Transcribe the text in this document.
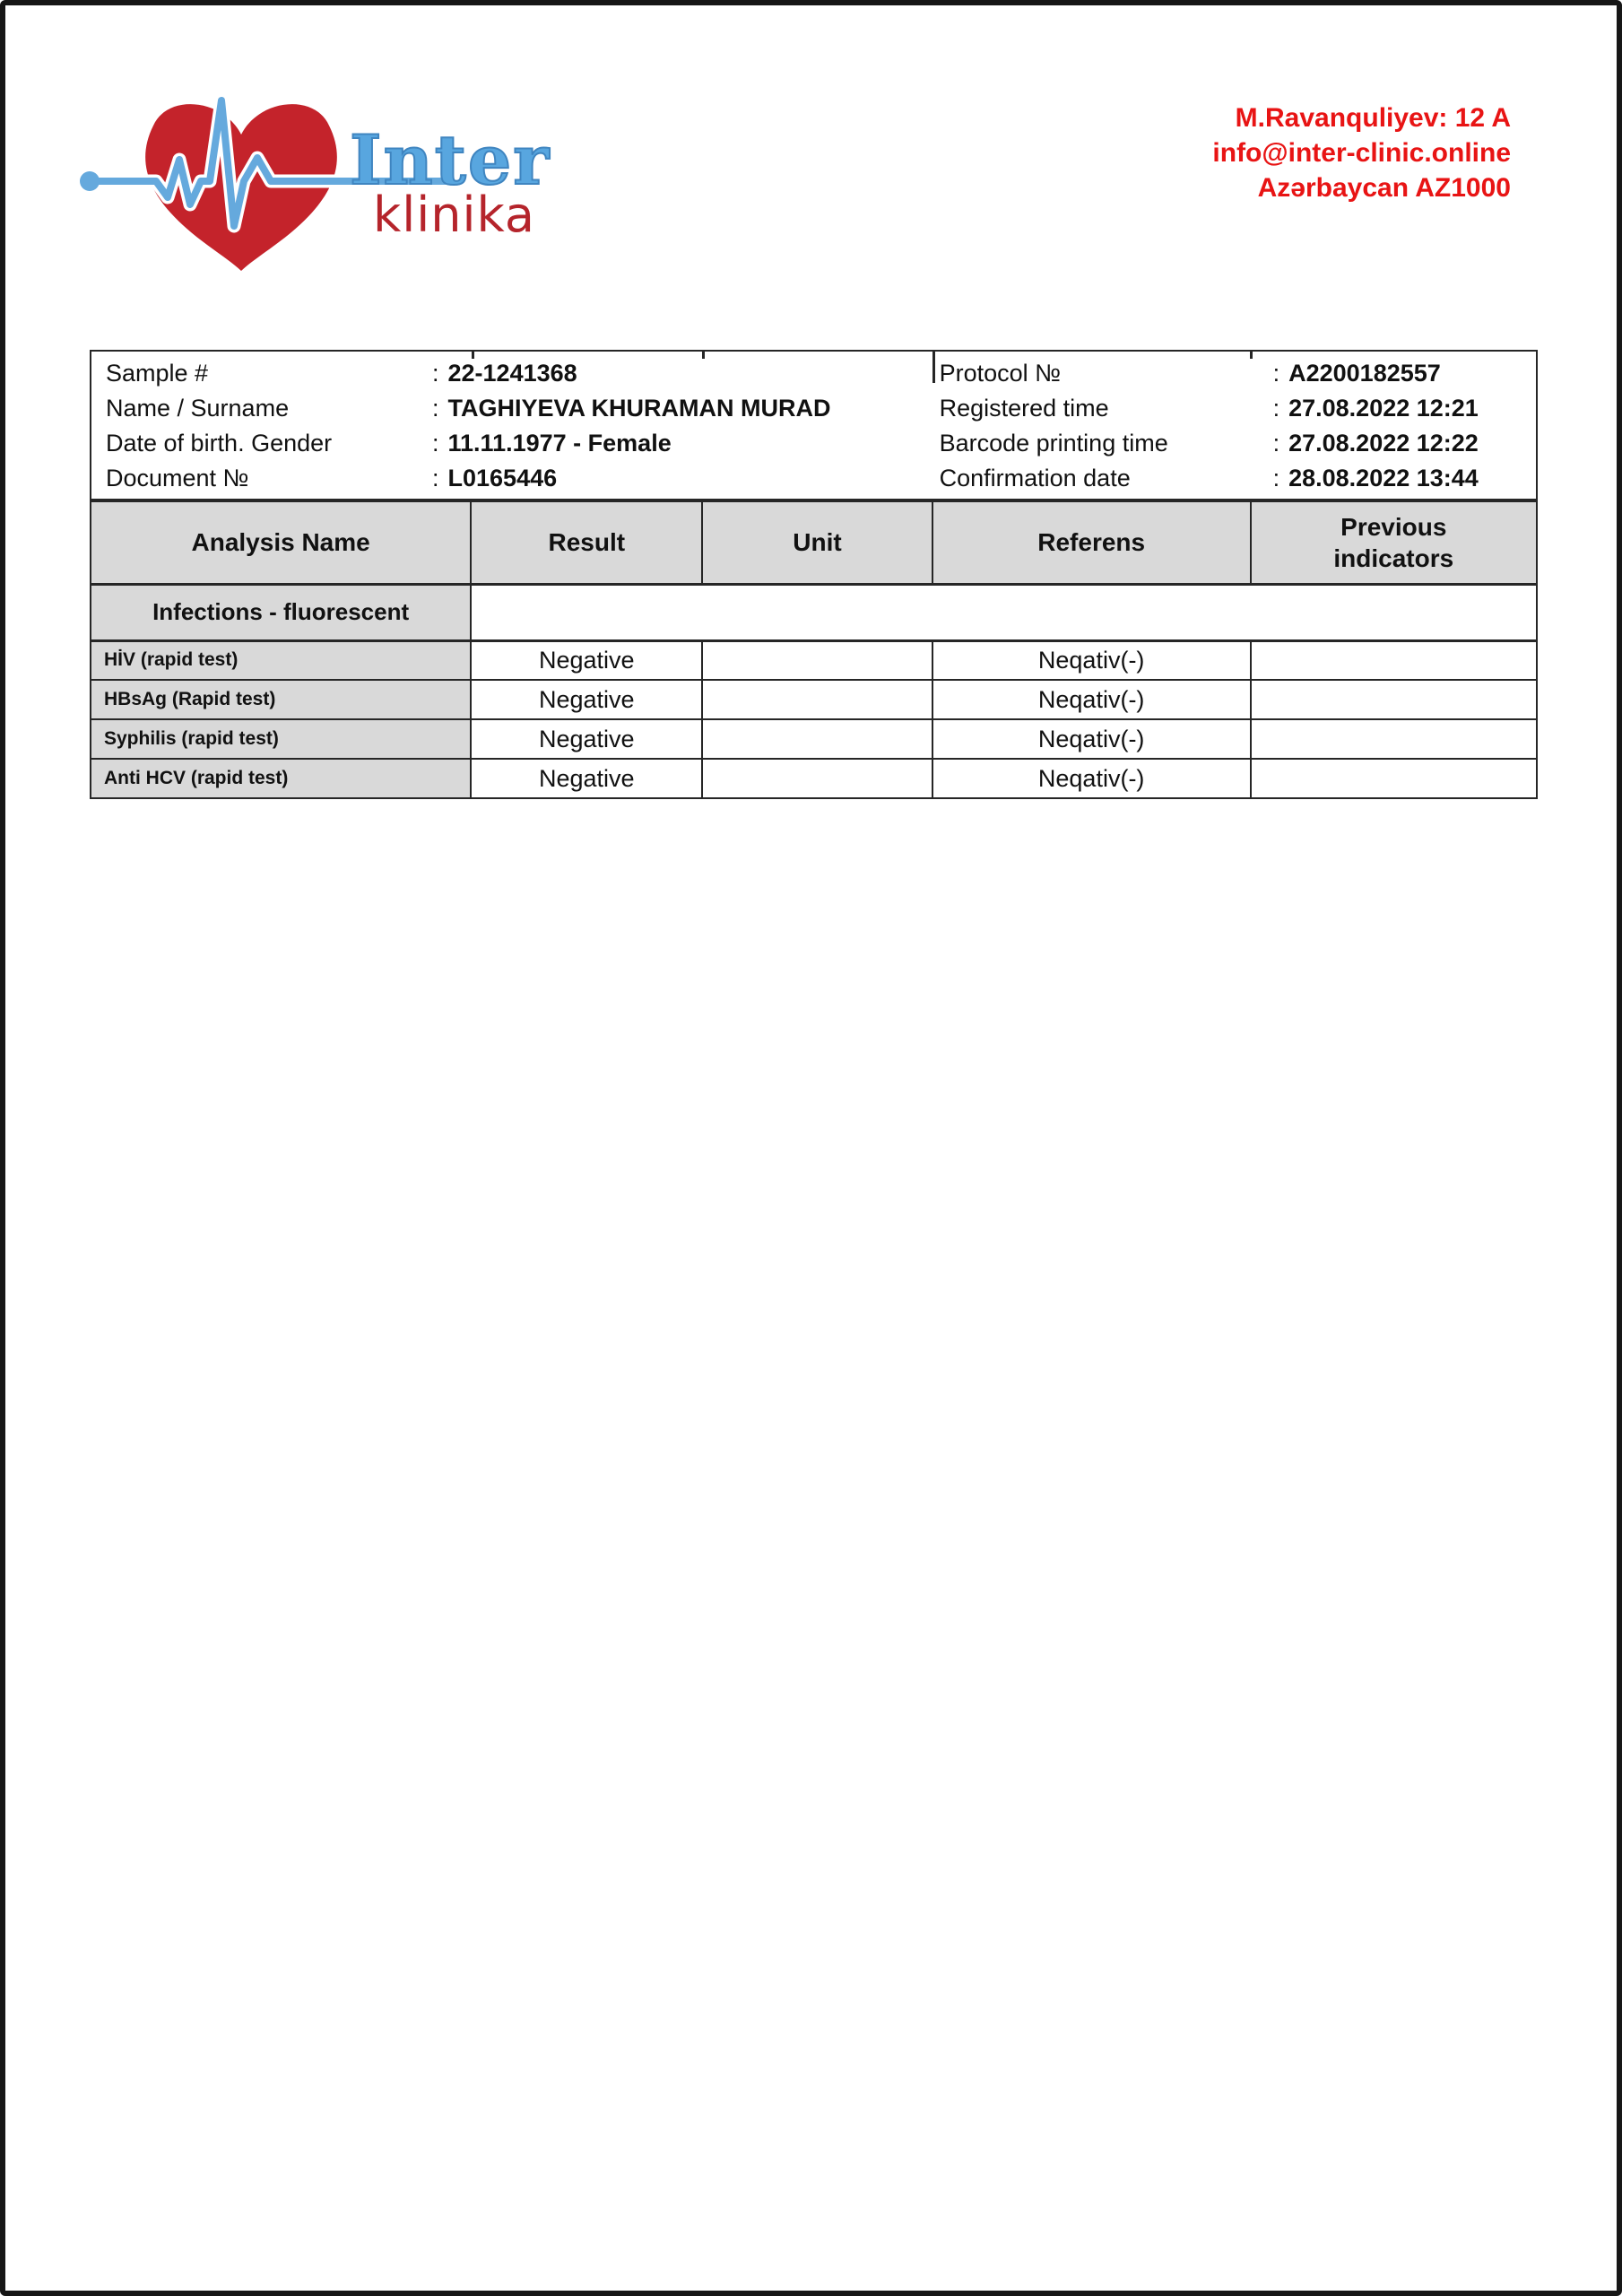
Inter
klinika
M.Ravanquliyev: 12 A
info@inter-clinic.online
Azərbaycan AZ1000
Sample #	: 22-1241368
Name / Surname	: TAGHIYEVA KHURAMAN MURAD
Date of birth. Gender	: 11.11.1977 - Female
Document №	: L0165446
Protocol №	: A2200182557
Registered time	: 27.08.2022 12:21
Barcode printing time	: 27.08.2022 12:22
Confirmation date	: 28.08.2022 13:44
Analysis Name	Result	Unit	Referens	Previous indicators
Infections - fluorescent				
HİV (rapid test)	Negative		Neqativ(-)	
HBsAg (Rapid test)	Negative		Neqativ(-)	
Syphilis (rapid test)	Negative		Neqativ(-)	
Anti HCV (rapid test)	Negative		Neqativ(-)	
